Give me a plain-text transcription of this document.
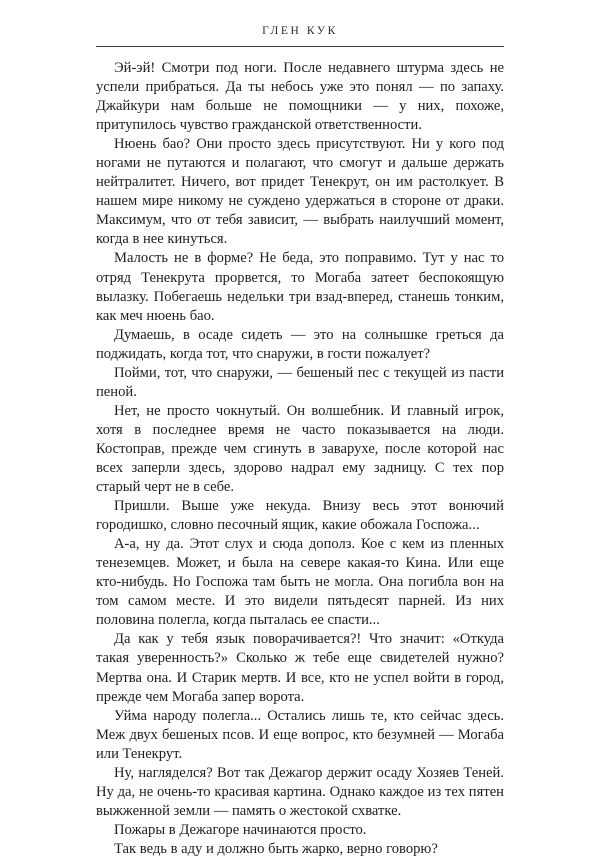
ГЛЕН КУК

Эй-эй! Смотри под ноги. После недавнего штурма здесь не успели прибраться. Да ты небось уже это понял — по запаху. Джайкури нам больше не помощники — у них, похоже, притупилось чувство гражданской ответственности.

Нюень бао? Они просто здесь присутствуют. Ни у кого под ногами не путаются и полагают, что смогут и дальше держать нейтралитет. Ничего, вот придет Тенекрут, он им растолкует. В нашем мире никому не суждено удержаться в стороне от драки. Максимум, что от тебя зависит, — выбрать наилучший момент, когда в нее кинуться.

Малость не в форме? Не беда, это поправимо. Тут у нас то отряд Тенекрута прорвется, то Могаба затеет беспокоящую вылазку. Побегаешь недельки три взад-вперед, станешь тонким, как меч нюень бао.

Думаешь, в осаде сидеть — это на солнышке греться да поджидать, когда тот, что снаружи, в гости пожалует?

Пойми, тот, что снаружи, — бешеный пес с текущей из пасти пеной.

Нет, не просто чокнутый. Он волшебник. И главный игрок, хотя в последнее время не часто показывается на люди. Костоправ, прежде чем сгинуть в заварухе, после которой нас всех заперли здесь, здорово надрал ему задницу. С тех пор старый черт не в себе.

Пришли. Выше уже некуда. Внизу весь этот вонючий городишко, словно песочный ящик, какие обожала Госпожа...

А-а, ну да. Этот слух и сюда дополз. Кое с кем из пленных тенеземцев. Может, и была на севере какая-то Кина. Или еще кто-нибудь. Но Госпожа там быть не могла. Она погибла вон на том самом месте. И это видели пятьдесят парней. Из них половина полегла, когда пыталась ее спасти...

Да как у тебя язык поворачивается?! Что значит: «Откуда такая уверенность?» Сколько ж тебе еще свидетелей нужно? Мертва она. И Старик мертв. И все, кто не успел войти в город, прежде чем Могаба запер ворота.

Уйма народу полегла... Остались лишь те, кто сейчас здесь. Меж двух бешеных псов. И еще вопрос, кто безумней — Могаба или Тенекрут.

Ну, нагляделся? Вот так Дежагор держит осаду Хозяев Теней. Ну да, не очень-то красивая картина. Однако каждое из тех пятен выжженной земли — память о жестокой схватке.

Пожары в Дежагоре начинаются просто.

Так ведь в аду и должно быть жарко, верно говорю?
